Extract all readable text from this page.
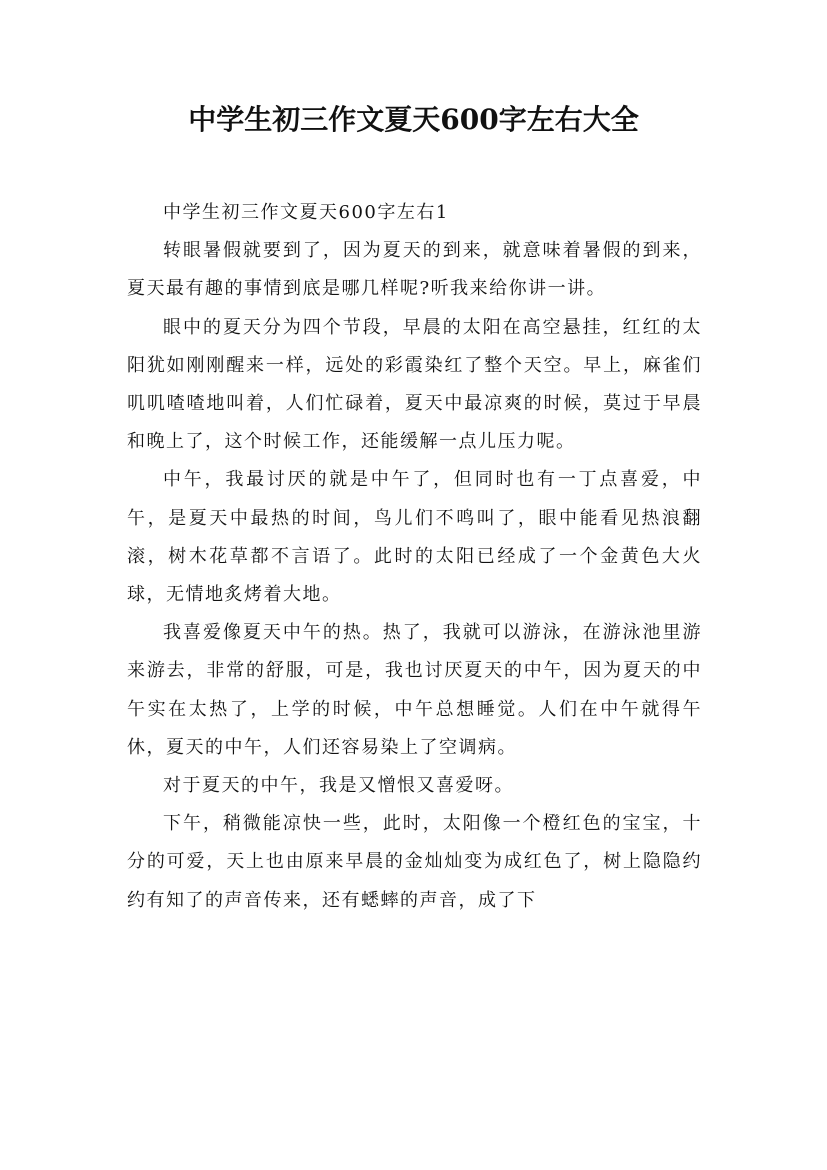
中学生初三作文夏天600字左右大全

中学生初三作文夏天600字左右1

转眼暑假就要到了，因为夏天的到来，就意味着暑假的到来，夏天最有趣的事情到底是哪几样呢?听我来给你讲一讲。

眼中的夏天分为四个节段，早晨的太阳在高空悬挂，红红的太阳犹如刚刚醒来一样，远处的彩霞染红了整个天空。早上，麻雀们叽叽喳喳地叫着，人们忙碌着，夏天中最凉爽的时候，莫过于早晨和晚上了，这个时候工作，还能缓解一点儿压力呢。

中午，我最讨厌的就是中午了，但同时也有一丁点喜爱，中午，是夏天中最热的时间，鸟儿们不鸣叫了，眼中能看见热浪翻滚，树木花草都不言语了。此时的太阳已经成了一个金黄色大火球，无情地炙烤着大地。

我喜爱像夏天中午的热。热了，我就可以游泳，在游泳池里游来游去，非常的舒服，可是，我也讨厌夏天的中午，因为夏天的中午实在太热了，上学的时候，中午总想睡觉。人们在中午就得午休，夏天的中午，人们还容易染上了空调病。

对于夏天的中午，我是又憎恨又喜爱呀。

下午，稍微能凉快一些，此时，太阳像一个橙红色的宝宝，十分的可爱，天上也由原来早晨的金灿灿变为成红色了，树上隐隐约约有知了的声音传来，还有蟋蟀的声音，成了下
